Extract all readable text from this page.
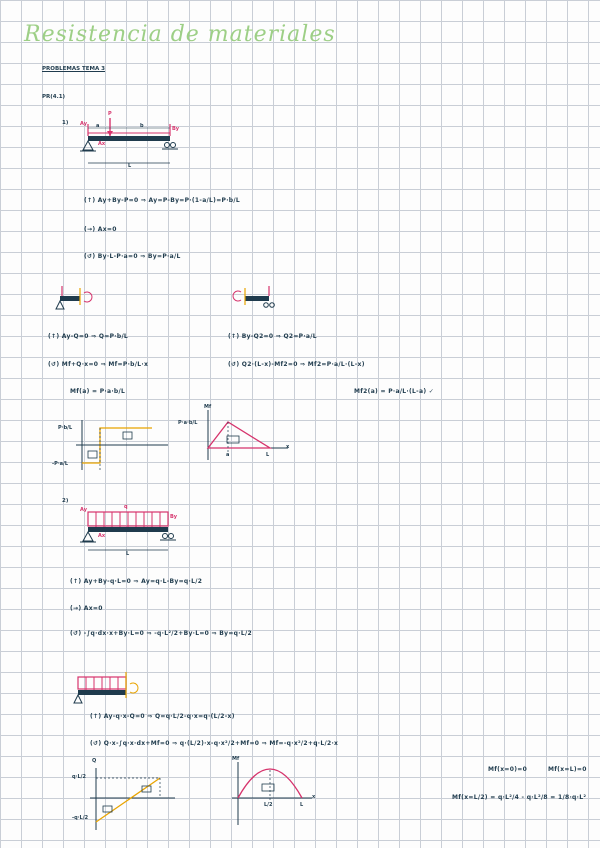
Resistencia de materiales
PROBLEMAS TEMA 3
PR(4.1)
1) Ay
P
a	b	By
Ax
L
(↑) Ay+By-P=0 ⇒ Ay=P-By=P·(1-a/L)=P·b/L
(→) Ax=0
(↺) By·L-P·a=0 ⇒ By=P·a/L
(↑) Ay-Q=0 ⇒ Q=P·b/L
(↺) Mf+Q·x=0 ⇒ Mf=P·b/L·x
(↑) By-Q2=0 ⇒ Q2=P·a/L
(↺) Q2·(L-x)-Mf2=0 ⇒ Mf2=P·a/L·(L-x)
Mf(a) = P·a·b/L	Mf2(a) = P·a/L·(L-a) ✓
P·b/L
-P·a/L
P·a·b/L
Mf
a	L
x
2)
Ay	q
By
Ax
L
(↑) Ay+By-q·L=0 ⇒ Ay=q·L-By=q·L/2
(→) Ax=0
(↺) -∫q·dx·x+By·L=0 ⇒ -q·L²/2+By·L=0 ⇒ By=q·L/2
(↑) Ay-q·x-Q=0 ⇒ Q=q·L/2-q·x=q·(L/2-x)
(↺) Q·x-∫q·x·dx+Mf=0 ⇒ q·(L/2)·x-q·x²/2+Mf=0 ⇒ Mf=-q·x²/2+q·L/2·x
Mf(x=0)=0	Mf(x=L)=0
Mf(x=L/2) = q·L²/4 - q·L²/8 = 1/8·q·L²
Q
q·L/2
-q·L/2
Mf
L/2	L
x
